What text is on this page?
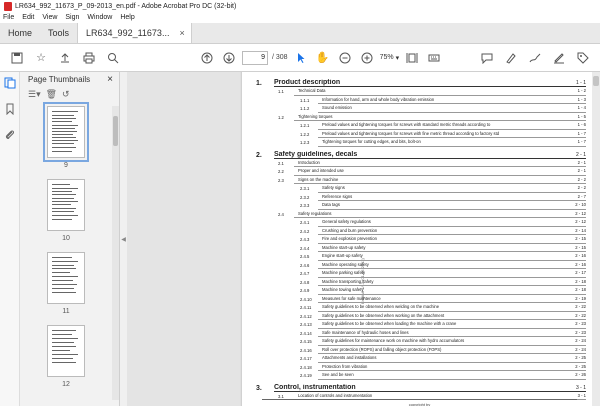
LR634_992_11673_P_09-2013_en.pdf - Adobe Acrobat Pro DC (32-bit)
File Edit View Sign Window Help
Home	Tools	LR634_992_11673... ×
☆	9	/ 308	✋	75% ▾
Page Thumbnails ×
☰▾ 🗑 ↺
9
10
11
12
◀
English 1/17 (01.05.2013)
1.	Product description	1 - 1
1.1	Technical Data	1 - 2
1.1.1	Information for hand, arm and whole body vibration emission	1 - 3
1.1.2	Sound emission	1 - 4
1.2	Tightening torques	1 - 5
1.2.1	Preload values and tightening torques for screws with standard metric threads according to	1 - 6
1.2.2	Preload values and tightening torques for screws with fine metric thread according to factory std	1 - 7
1.2.3	Tightening torques for cutting edges, and bits, bolt-on	1 - 7
2.	Safety guidelines, decals	2 - 1
2.1	Introduction	2 - 1
2.2	Proper and intended use	2 - 1
2.3	Signs on the machine	2 - 2
2.3.1	Safety signs	2 - 2
2.3.2	Reference signs	2 - 7
2.3.3	Data tags	2 - 10
2.4	Safety regulations	2 - 12
2.4.1	General safety regulations	2 - 12
2.4.2	Crushing and burn prevention	2 - 14
2.4.3	Fire and explosion prevention	2 - 15
2.4.4	Machine start-up safety	2 - 15
2.4.5	Engine start-up safety	2 - 16
2.4.6	Machine operating safety	2 - 16
2.4.7	Machine parking safety	2 - 17
2.4.8	Machine transporting safety	2 - 18
2.4.9	Machine towing safety	2 - 18
2.4.10	Measures for safe maintenance	2 - 19
2.4.11	Safety guidelines to be observed when welding on the machine	2 - 22
2.4.12	Safety guidelines to be observed when working on the attachment	2 - 22
2.4.13	Safety guidelines to be observed when loading the machine with a crane	2 - 23
2.4.14	Safe maintenance of hydraulic hoses and lines	2 - 23
2.4.15	Safety guidelines for maintenance work on machine with hydro accumulators	2 - 24
2.4.16	Roll over protection (ROPS) and falling object protection (FOPS)	2 - 24
2.4.17	Attachments and installations	2 - 25
2.4.18	Protection from vibration	2 - 25
2.4.19	See and be seen	2 - 26
3.	Control, instrumentation	3 - 1
3.1	Location of controls and instrumentation	3 - 1
copyright by
